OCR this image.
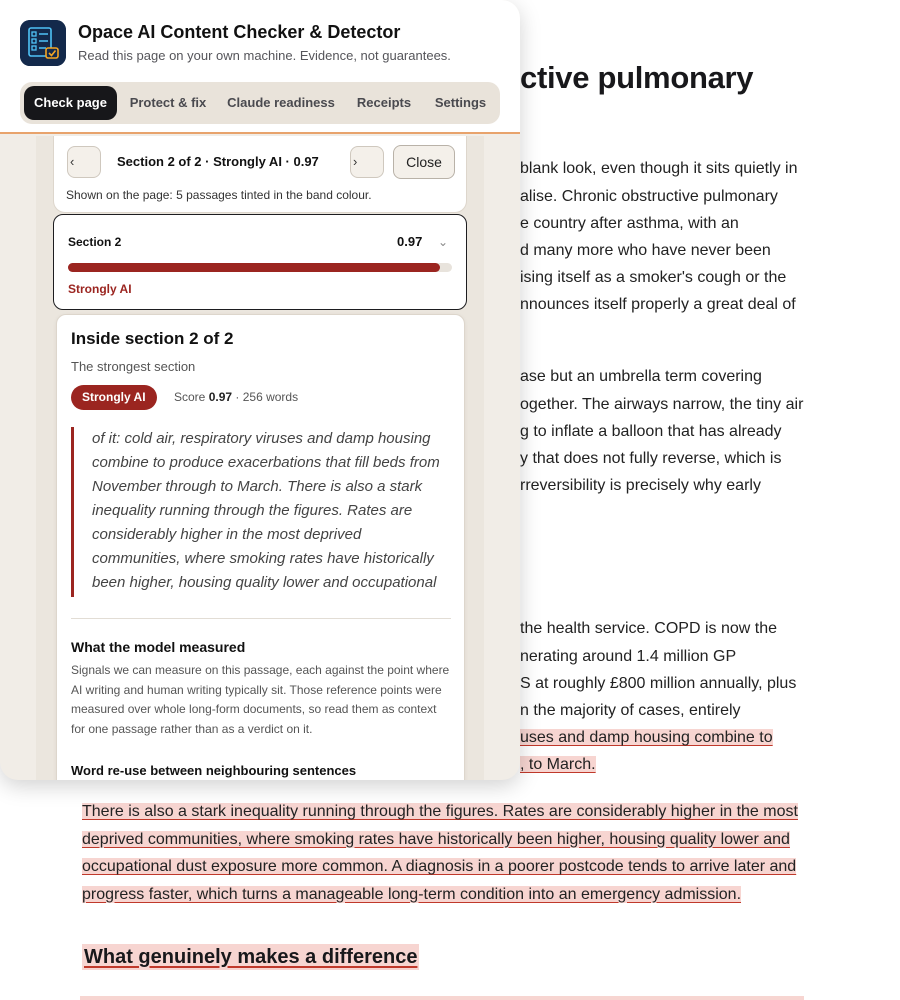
ctive pulmonary
blank look, even though it sits quietly in
alise. Chronic obstructive pulmonary
e country after asthma, with an
d many more who have never been
ising itself as a smoker's cough or the
nnounces itself properly a great deal of
ase but an umbrella term covering
ogether. The airways narrow, the tiny air
g to inflate a balloon that has already
y that does not fully reverse, which is
rreversibility is precisely why early
the health service. COPD is now the
nerating around 1.4 million GP
S at roughly £800 million annually, plus
n the majority of cases, entirely
uses and damp housing combine to
, to March.
There is also a stark inequality running through the figures. Rates are considerably higher in the most deprived communities, where smoking rates have historically been higher, housing quality lower and occupational dust exposure more common. A diagnosis in a poorer postcode tends to arrive later and progress faster, which turns a manageable long-term condition into an emergency admission.
What genuinely makes a difference
Opace AI Content Checker & Detector
Read this page on your own machine. Evidence, not guarantees.
Check page	Protect & fix	Claude readiness	Receipts	Settings
‹	Section 2 of 2 · Strongly AI · 0.97	›	Close
Shown on the page: 5 passages tinted in the band colour.
Section 2	0.97 ⌄
Strongly AI
Inside section 2 of 2
The strongest section
Strongly AI	Score 0.97 · 256 words
of it: cold air, respiratory viruses and damp housing combine to produce exacerbations that fill beds from November through to March. There is also a stark inequality running through the figures. Rates are considerably higher in the most deprived communities, where smoking rates have historically been higher, housing quality lower and occupational
What the model measured
Signals we can measure on this passage, each against the point where AI writing and human writing typically sit. Those reference points were measured over whole long-form documents, so read them as context for one passage rather than as a verdict on it.
Word re-use between neighbouring sentences
